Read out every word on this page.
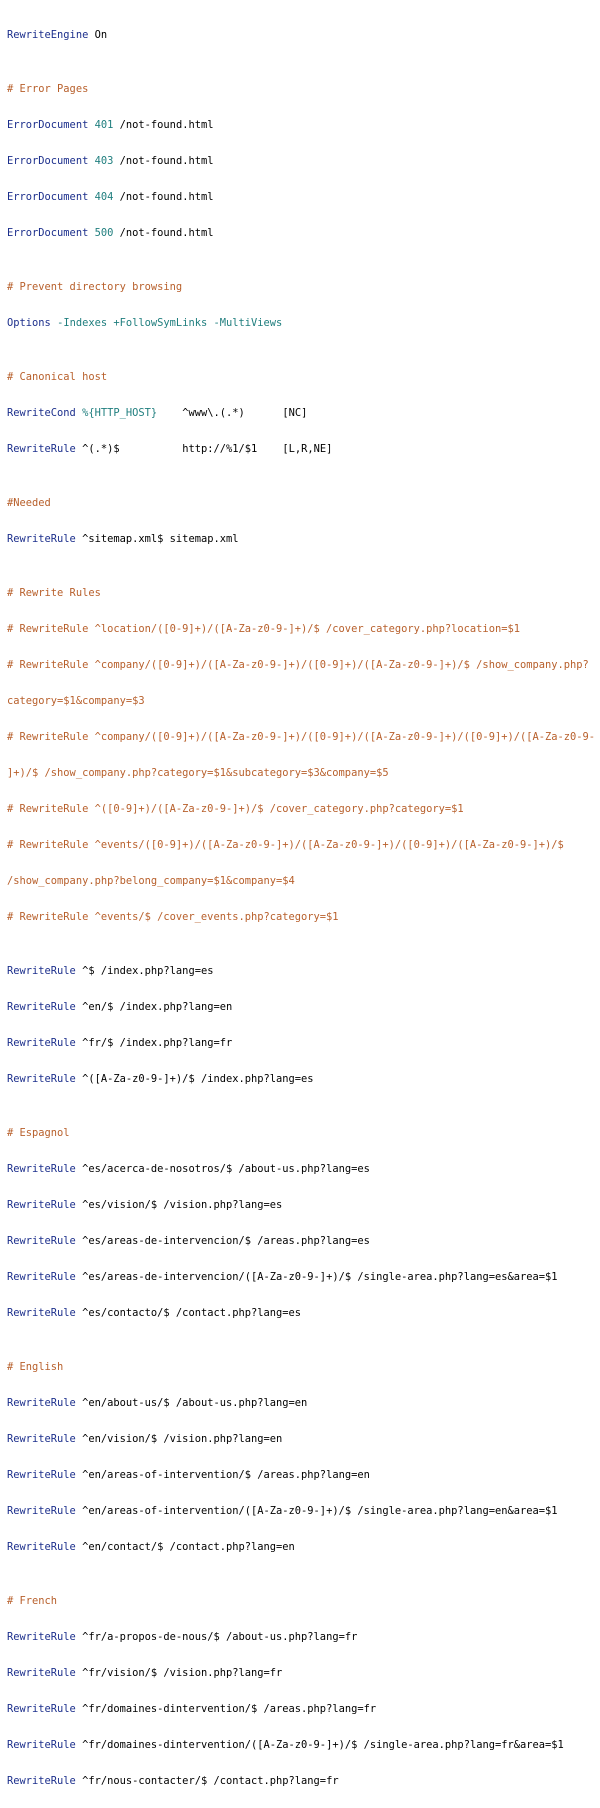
RewriteEngine On

# Error Pages

ErrorDocument 401 /not-found.html

ErrorDocument 403 /not-found.html

ErrorDocument 404 /not-found.html

ErrorDocument 500 /not-found.html

# Prevent directory browsing

Options -Indexes +FollowSymLinks -MultiViews

# Canonical host

RewriteCond %{HTTP_HOST} ^www\.(.*)	[NC]

RewriteRule ^(.*)$	http://%1/$1 [L,R,NE]

#Needed

RewriteRule ^sitemap.xml$ sitemap.xml

# Rewrite Rules

# RewriteRule ^location/([0-9]+)/([A-Za-z0-9-]+)/$ /cover_category.php?location=$1

# RewriteRule ^company/([0-9]+)/([A-Za-z0-9-]+)/([0-9]+)/([A-Za-z0-9-]+)/$ /show_company.php?

category=$1&company=$3

# RewriteRule ^company/([0-9]+)/([A-Za-z0-9-]+)/([0-9]+)/([A-Za-z0-9-]+)/([0-9]+)/([A-Za-z0-9-

]+)/$ /show_company.php?category=$1&subcategory=$3&company=$5

# RewriteRule ^([0-9]+)/([A-Za-z0-9-]+)/$ /cover_category.php?category=$1

# RewriteRule ^events/([0-9]+)/([A-Za-z0-9-]+)/([A-Za-z0-9-]+)/([0-9]+)/([A-Za-z0-9-]+)/$

/show_company.php?belong_company=$1&company=$4

# RewriteRule ^events/$ /cover_events.php?category=$1

RewriteRule ^$ /index.php?lang=es

RewriteRule ^en/$ /index.php?lang=en

RewriteRule ^fr/$ /index.php?lang=fr

RewriteRule ^([A-Za-z0-9-]+)/$ /index.php?lang=es

# Espagnol

RewriteRule ^es/acerca-de-nosotros/$ /about-us.php?lang=es

RewriteRule ^es/vision/$ /vision.php?lang=es

RewriteRule ^es/areas-de-intervencion/$ /areas.php?lang=es

RewriteRule ^es/areas-de-intervencion/([A-Za-z0-9-]+)/$ /single-area.php?lang=es&area=$1

RewriteRule ^es/contacto/$ /contact.php?lang=es

# English

RewriteRule ^en/about-us/$ /about-us.php?lang=en

RewriteRule ^en/vision/$ /vision.php?lang=en

RewriteRule ^en/areas-of-intervention/$ /areas.php?lang=en

RewriteRule ^en/areas-of-intervention/([A-Za-z0-9-]+)/$ /single-area.php?lang=en&area=$1

RewriteRule ^en/contact/$ /contact.php?lang=en

# French

RewriteRule ^fr/a-propos-de-nous/$ /about-us.php?lang=fr

RewriteRule ^fr/vision/$ /vision.php?lang=fr

RewriteRule ^fr/domaines-dintervention/$ /areas.php?lang=fr

RewriteRule ^fr/domaines-dintervention/([A-Za-z0-9-]+)/$ /single-area.php?lang=fr&area=$1

RewriteRule ^fr/nous-contacter/$ /contact.php?lang=fr
